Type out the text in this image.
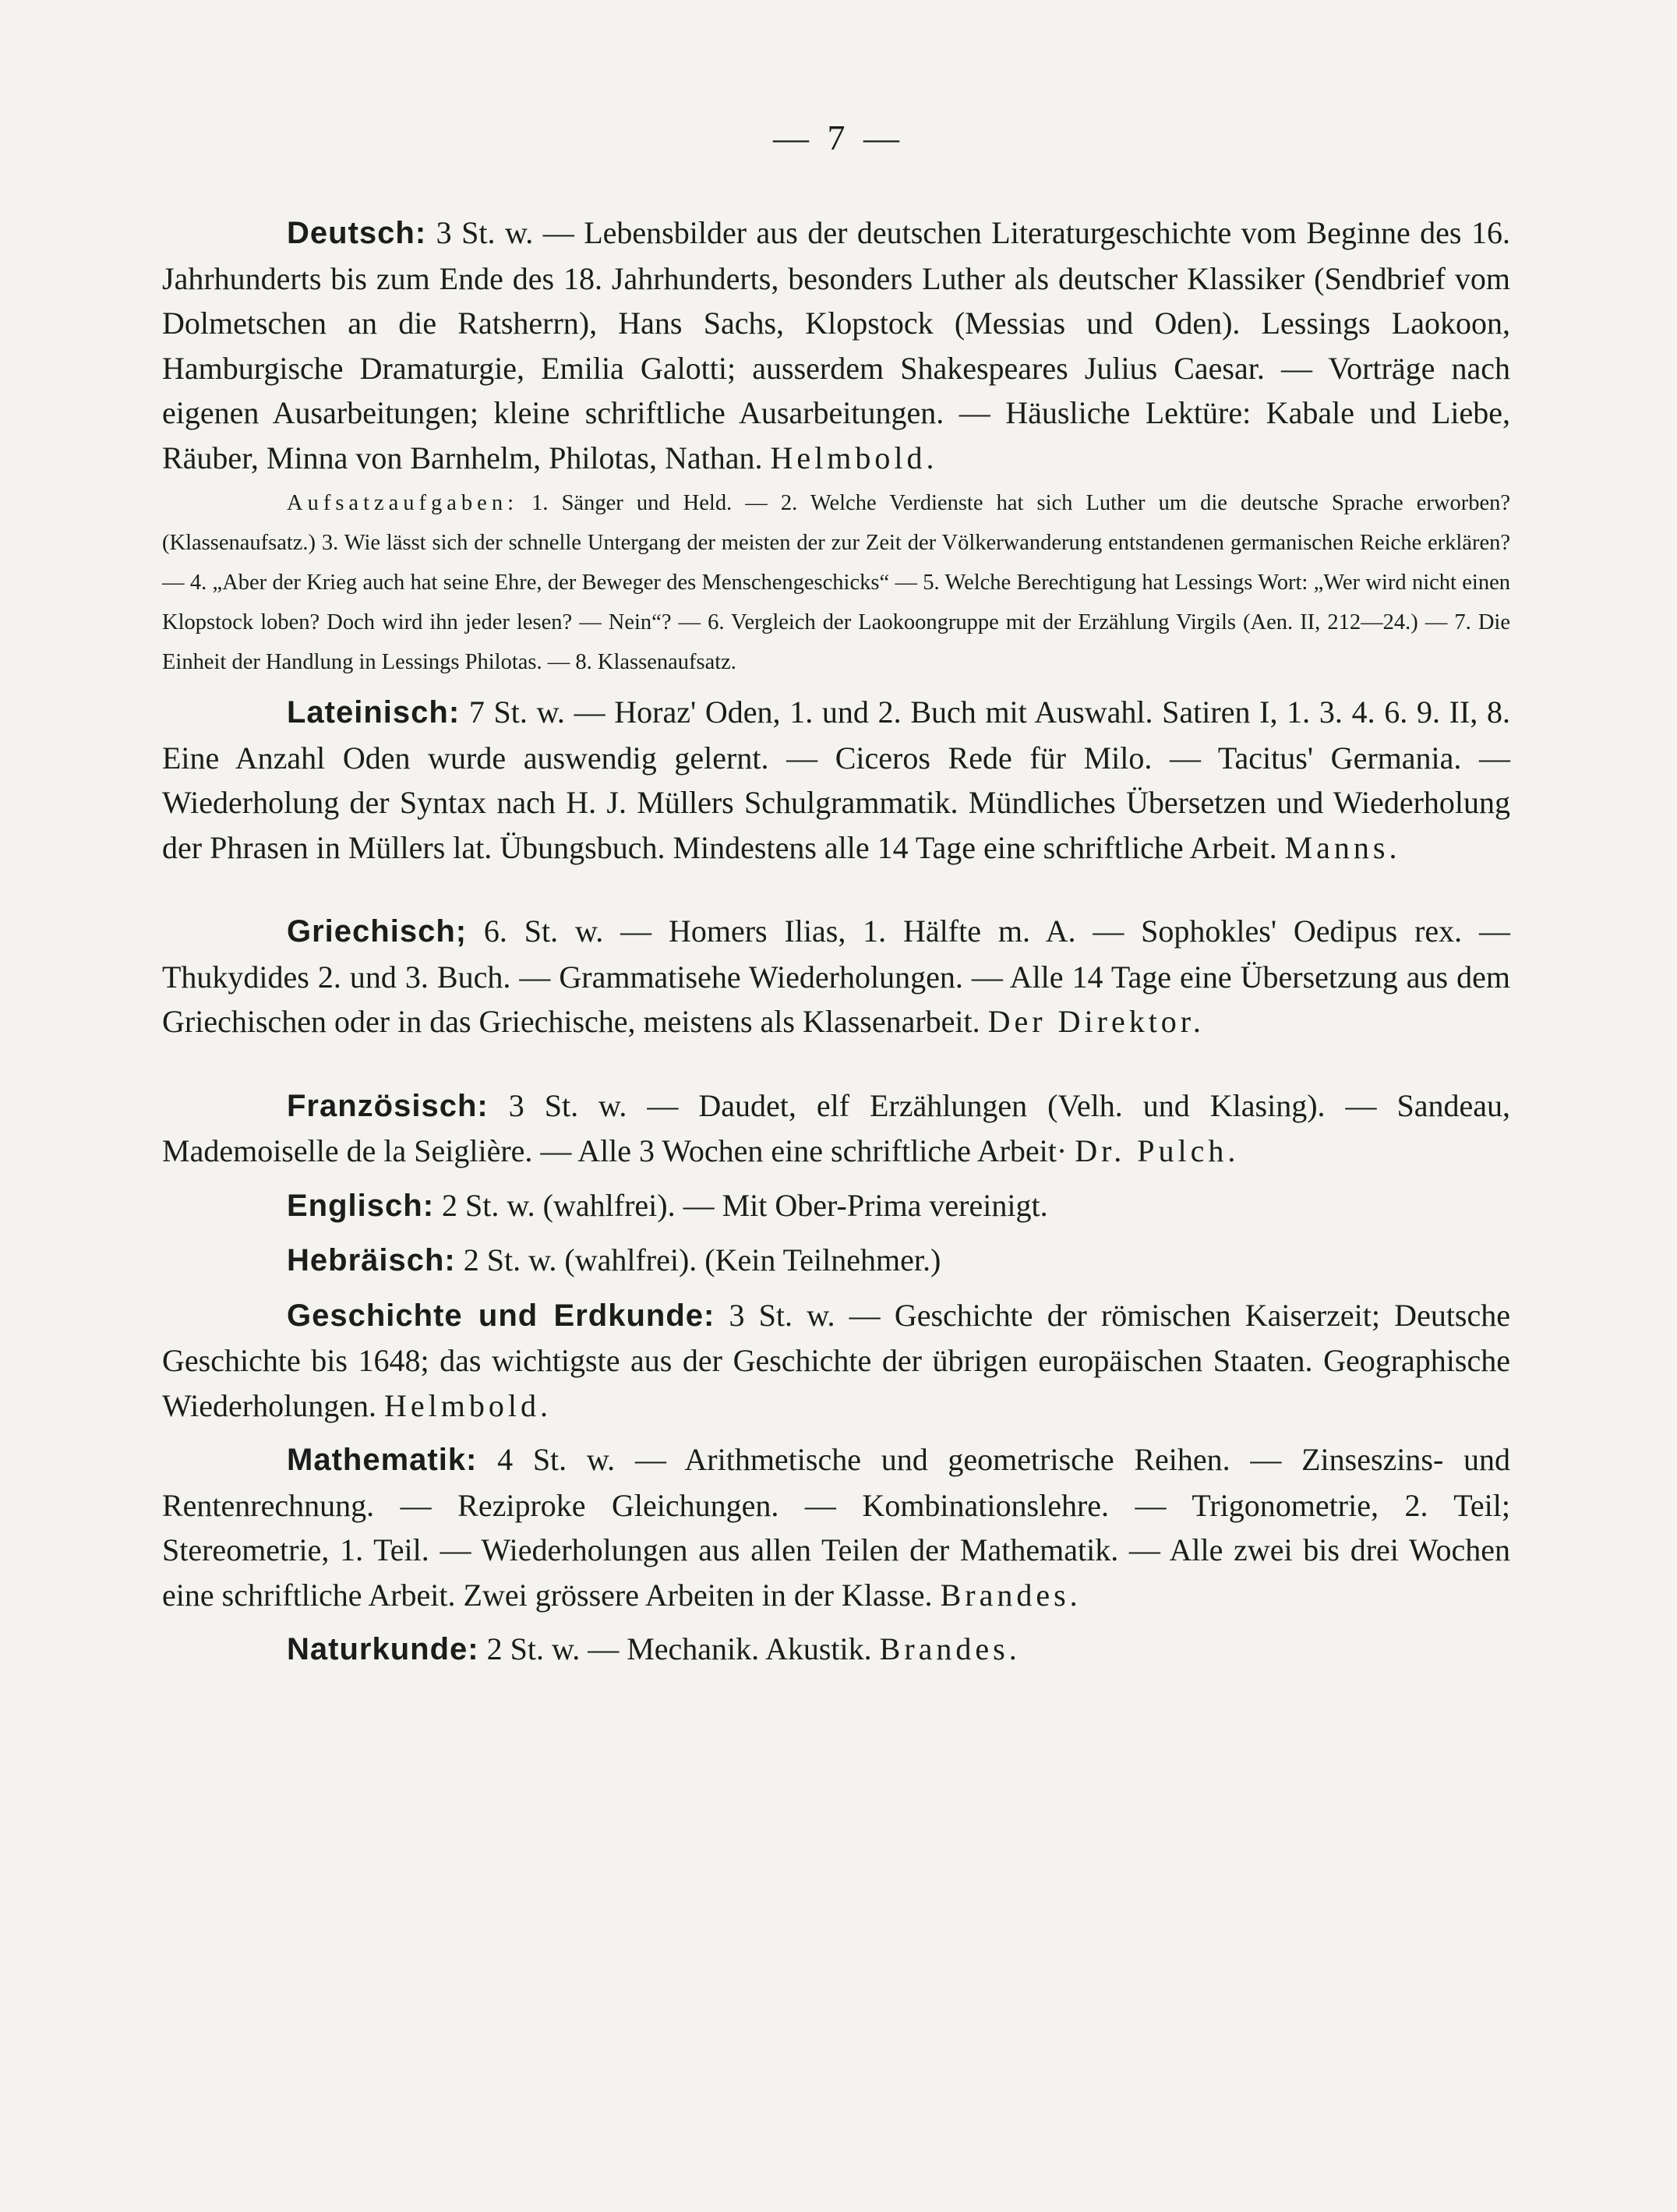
— 7 —

Deutsch: 3 St. w. — Lebensbilder aus der deutschen Literaturgeschichte vom Beginne des 16. Jahrhunderts bis zum Ende des 18. Jahrhunderts, besonders Luther als deutscher Klassiker (Sendbrief vom Dolmetschen an die Ratsherrn), Hans Sachs, Klopstock (Messias und Oden). Lessings Laokoon, Hamburgische Dramaturgie, Emilia Galotti; ausserdem Shakespeares Julius Caesar. — Vorträge nach eigenen Ausarbeitungen; kleine schriftliche Ausarbeitungen. — Häusliche Lektüre: Kabale und Liebe, Räuber, Minna von Barnhelm, Philotas, Nathan. Helmbold.

Aufsatzaufgaben: 1. Sänger und Held. — 2. Welche Verdienste hat sich Luther um die deutsche Sprache erworben? (Klassenaufsatz.) 3. Wie lässt sich der schnelle Untergang der meisten der zur Zeit der Völkerwanderung entstandenen germanischen Reiche erklären? — 4. „Aber der Krieg auch hat seine Ehre, der Beweger des Menschengeschicks“ — 5. Welche Berechtigung hat Lessings Wort: „Wer wird nicht einen Klopstock loben? Doch wird ihn jeder lesen? — Nein“? — 6. Vergleich der Laokoongruppe mit der Erzählung Virgils (Aen. II, 212—24.) — 7. Die Einheit der Handlung in Lessings Philotas. — 8. Klassenaufsatz.

Lateinisch: 7 St. w. — Horaz' Oden, 1. und 2. Buch mit Auswahl. Satiren I, 1. 3. 4. 6. 9. II, 8. Eine Anzahl Oden wurde auswendig gelernt. — Ciceros Rede für Milo. — Tacitus' Germania. — Wiederholung der Syntax nach H. J. Müllers Schulgrammatik. Mündliches Übersetzen und Wiederholung der Phrasen in Müllers lat. Übungsbuch. Mindestens alle 14 Tage eine schriftliche Arbeit. Manns.

Griechisch; 6. St. w. — Homers Ilias, 1. Hälfte m. A. — Sophokles' Oedipus rex. — Thukydides 2. und 3. Buch. — Grammatisehe Wiederholungen. — Alle 14 Tage eine Übersetzung aus dem Griechischen oder in das Griechische, meistens als Klassenarbeit. Der Direktor.

Französisch: 3 St. w. — Daudet, elf Erzählungen (Velh. und Klasing). — Sandeau, Mademoiselle de la Seiglière. — Alle 3 Wochen eine schriftliche Arbeit· Dr. Pulch.

Englisch: 2 St. w. (wahlfrei). — Mit Ober-Prima vereinigt.

Hebräisch: 2 St. w. (wahlfrei). (Kein Teilnehmer.)

Geschichte und Erdkunde: 3 St. w. — Geschichte der römischen Kaiserzeit; Deutsche Geschichte bis 1648; das wichtigste aus der Geschichte der übrigen europäischen Staaten. Geographische Wiederholungen. Helmbold.

Mathematik: 4 St. w. — Arithmetische und geometrische Reihen. — Zinseszins- und Rentenrechnung. — Reziproke Gleichungen. — Kombinationslehre. — Trigonometrie, 2. Teil; Stereometrie, 1. Teil. — Wiederholungen aus allen Teilen der Mathematik. — Alle zwei bis drei Wochen eine schriftliche Arbeit. Zwei grössere Arbeiten in der Klasse. Brandes.

Naturkunde: 2 St. w. — Mechanik. Akustik. Brandes.
